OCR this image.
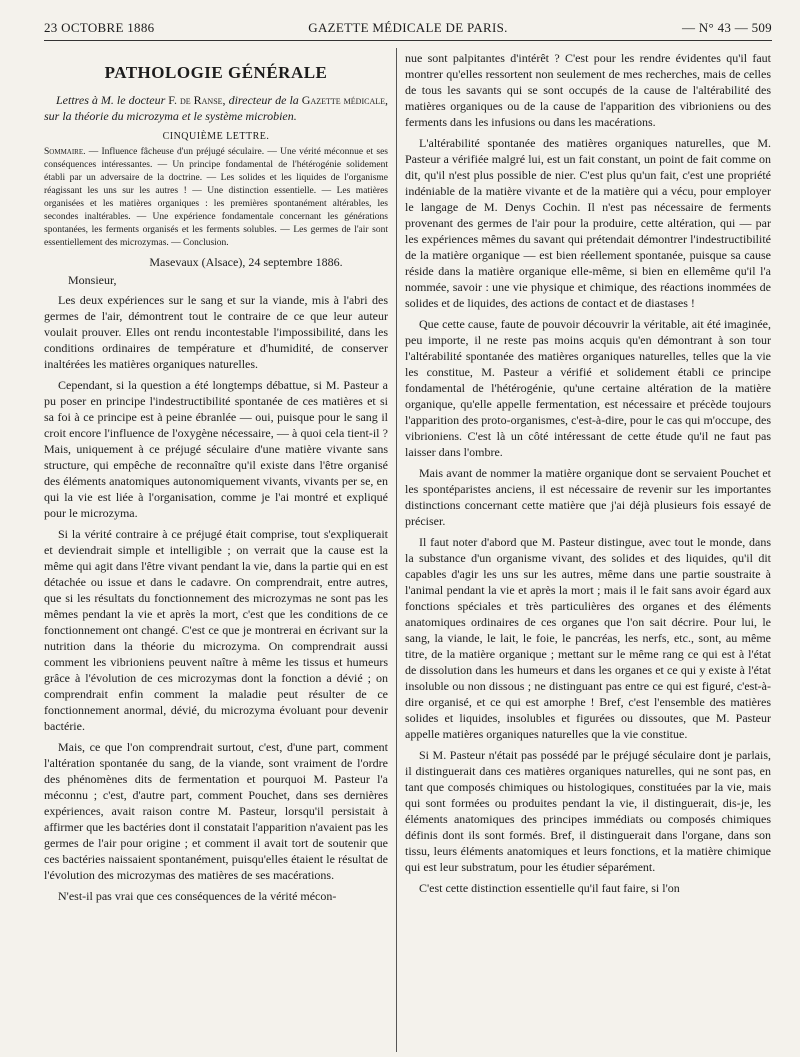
23 OCTOBRE 1886	GAZETTE MÉDICALE DE PARIS.	— N° 43 — 509
PATHOLOGIE GÉNÉRALE
Lettres à M. le docteur F. de Ranse, directeur de la Gazette médicale, sur la théorie du microzyma et le système microbien.
CINQUIÈME LETTRE.
Sommaire. — Influence fâcheuse d'un préjugé séculaire. — Une vérité méconnue et ses conséquences intéressantes. — Un principe fondamental de l'hétérogénie solidement établi par un adversaire de la doctrine. — Les solides et les liquides de l'organisme réagissant les uns sur les autres ! — Une distinction essentielle. — Les matières organisées et les matières organiques : les premières spontanément altérables, les secondes inaltérables. — Une expérience fondamentale concernant les générations spontanées, les ferments organisés et les ferments solubles. — Les germes de l'air sont essentiellement des microzymas. — Conclusion.
Masevaux (Alsace), 24 septembre 1886.
Monsieur,

Les deux expériences sur le sang et sur la viande, mis à l'abri des germes de l'air, démontrent tout le contraire de ce que leur auteur voulait prouver. Elles ont rendu incontestable l'impossibilité, dans les conditions ordinaires de température et d'humidité, de conserver inaltérées les matières organiques naturelles.

Cependant, si la question a été longtemps débattue, si M. Pasteur a pu poser en principe l'indestructibilité spontanée de ces matières et si sa foi à ce principe est à peine ébranlée — oui, puisque pour le sang il croit encore l'influence de l'oxygène nécessaire, — à quoi cela tient-il ? Mais, uniquement à ce préjugé séculaire d'une matière vivante sans structure, qui empêche de reconnaître qu'il existe dans l'être organisé des éléments anatomiques autonomiquement vivants, vivants per se, en qui la vie est liée à l'organisation, comme je l'ai montré et expliqué pour le microzyma.

Si la vérité contraire à ce préjugé était comprise, tout s'expliquerait et deviendrait simple et intelligible ; on verrait que la cause est la même qui agit dans l'être vivant pendant la vie, dans la partie qui en est détachée ou issue et dans le cadavre. On comprendrait, entre autres, que si les résultats du fonctionnement des microzymas ne sont pas les mêmes pendant la vie et après la mort, c'est que les conditions de ce fonctionnement ont changé. C'est ce que je montrerai en écrivant sur la nutrition dans la théorie du microzyma. On comprendrait aussi comment les vibrioniens peuvent naître à même les tissus et humeurs grâce à l'évolution de ces microzymas dont la fonction a dévié ; on comprendrait enfin comment la maladie peut résulter de ce fonctionnement anormal, dévié, du microzyma évoluant pour devenir bactérie.

Mais, ce que l'on comprendrait surtout, c'est, d'une part, comment l'altération spontanée du sang, de la viande, sont vraiment de l'ordre des phénomènes dits de fermentation et pourquoi M. Pasteur l'a méconnu ; c'est, d'autre part, comment Pouchet, dans ses dernières expériences, avait raison contre M. Pasteur, lorsqu'il persistait à affirmer que les bactéries dont il constatait l'apparition n'avaient pas les germes de l'air pour origine ; et comment il avait tort de soutenir que ces bactéries naissaient spontanément, puisqu'elles étaient le résultat de l'évolution des microzymas des matières de ses macérations.

N'est-il pas vrai que ces conséquences de la vérité mécon-

nue sont palpitantes d'intérêt ? C'est pour les rendre évidentes qu'il faut montrer qu'elles ressortent non seulement de mes recherches, mais de celles de tous les savants qui se sont occupés de la cause de l'altérabilité des matières organiques ou de la cause de l'apparition des vibrioniens ou des ferments dans les infusions ou dans les macérations.

L'altérabilité spontanée des matières organiques naturelles, que M. Pasteur a vérifiée malgré lui, est un fait constant, un point de fait comme on dit, qu'il n'est plus possible de nier. C'est plus qu'un fait, c'est une propriété indéniable de la matière vivante et de la matière qui a vécu, pour employer le langage de M. Denys Cochin. Il n'est pas nécessaire de ferments provenant des germes de l'air pour la produire, cette altération, qui — par les expériences mêmes du savant qui prétendait démontrer l'indestructibilité de la matière organique — est bien réellement spontanée, puisque sa cause réside dans la matière organique elle-même, si bien en ellemême qu'il l'a nommée, savoir : une vie physique et chimique, des réactions inommées de solides et de liquides, des actions de contact et de diastases !

Que cette cause, faute de pouvoir découvrir la véritable, ait été imaginée, peu importe, il ne reste pas moins acquis qu'en démontrant à son tour l'altérabilité spontanée des matières organiques naturelles, telles que la vie les constitue, M. Pasteur a vérifié et solidement établi ce principe fondamental de l'hétérogénie, qu'une certaine altération de la matière organique, qu'elle appelle fermentation, est nécessaire et précède toujours l'apparition des proto-organismes, c'est-à-dire, pour le cas qui m'occupe, des vibrioniens. C'est là un côté intéressant de cette étude qu'il ne faut pas laisser dans l'ombre.

Mais avant de nommer la matière organique dont se servaient Pouchet et les spontéparistes anciens, il est nécessaire de revenir sur les importantes distinctions concernant cette matière que j'ai déjà plusieurs fois essayé de préciser.

Il faut noter d'abord que M. Pasteur distingue, avec tout le monde, dans la substance d'un organisme vivant, des solides et des liquides, qu'il dit capables d'agir les uns sur les autres, même dans une partie soustraite à l'animal pendant la vie et après la mort ; mais il le fait sans avoir égard aux fonctions spéciales et très particulières des organes et des éléments anatomiques ordinaires de ces organes que l'on sait décrire. Pour lui, le sang, la viande, le lait, le foie, le pancréas, les nerfs, etc., sont, au même titre, de la matière organique ; mettant sur le même rang ce qui est à l'état de dissolution dans les humeurs et dans les organes et ce qui y existe à l'état insoluble ou non dissous ; ne distinguant pas entre ce qui est figuré, c'est-à-dire organisé, et ce qui est amorphe ! Bref, c'est l'ensemble des matières solides et liquides, insolubles et figurées ou dissoutes, que M. Pasteur appelle matières organiques naturelles que la vie constitue.

Si M. Pasteur n'était pas possédé par le préjugé séculaire dont je parlais, il distinguerait dans ces matières organiques naturelles, qui ne sont pas, en tant que composés chimiques ou histologiques, constituées par la vie, mais qui sont formées ou produites pendant la vie, il distinguerait, dis-je, les éléments anatomiques des principes immédiats ou composés chimiques définis dont ils sont formés. Bref, il distinguerait dans l'organe, dans son tissu, leurs éléments anatomiques et leurs fonctions, et la matière chimique qui est leur substratum, pour les étudier séparément.

C'est cette distinction essentielle qu'il faut faire, si l'on
